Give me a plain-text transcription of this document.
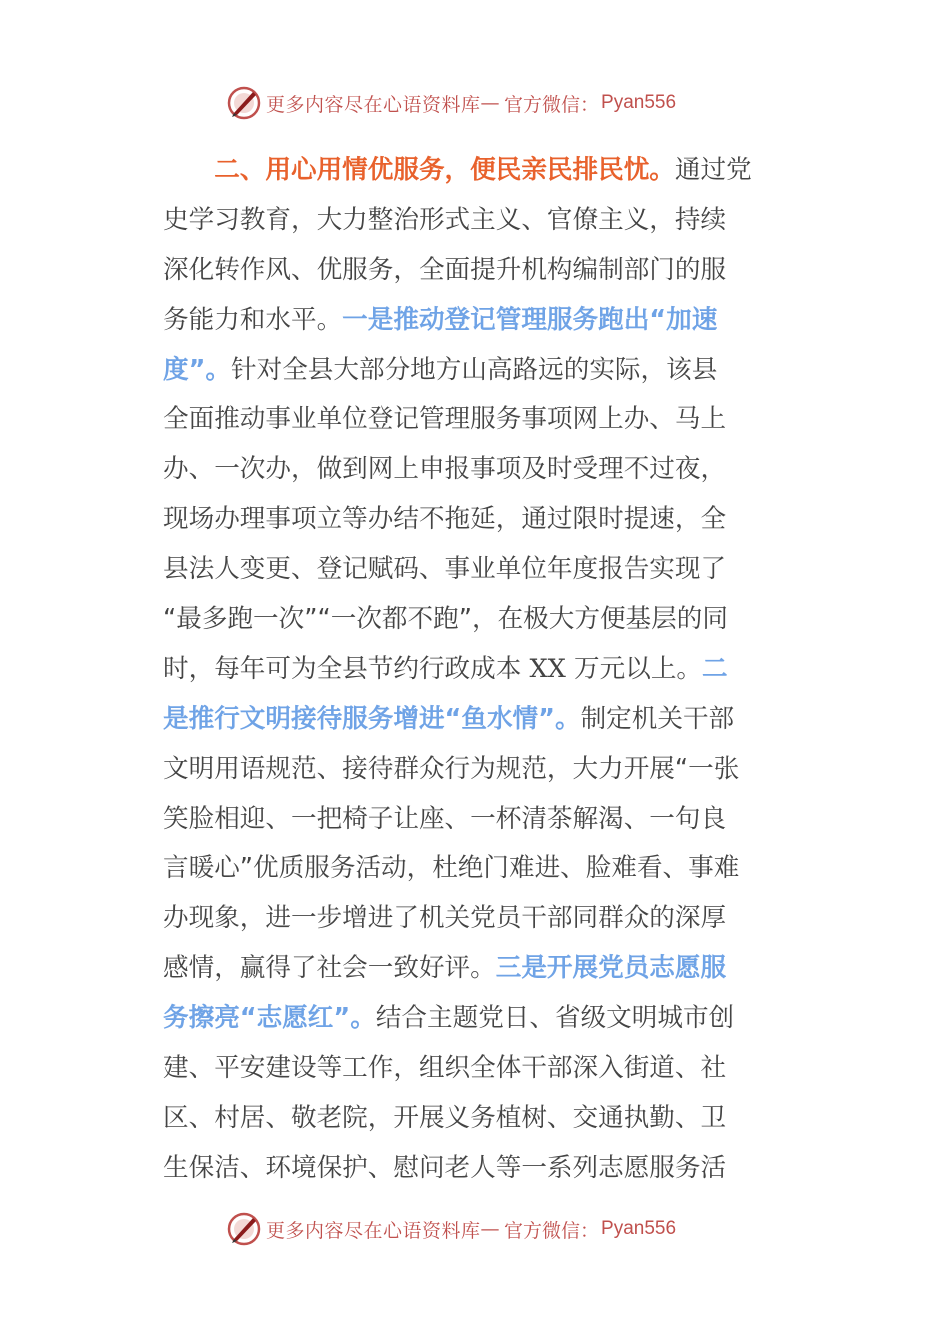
更多内容尽在心语资料库 — 官方微信： Pyan556
　　二、用心用情优服务，便民亲民排民忧。通过党
史学习教育，大力整治形式主义、官僚主义，持续
深化转作风、优服务，全面提升机构编制部门的服
务能力和水平。一是推动登记管理服务跑出“加速
度”。针对全县大部分地方山高路远的实际，该县
全面推动事业单位登记管理服务事项网上办、马上
办、一次办，做到网上申报事项及时受理不过夜，
现场办理事项立等办结不拖延，通过限时提速，全
县法人变更、登记赋码、事业单位年度报告实现了
“最多跑一次”“一次都不跑”，在极大方便基层的同
时，每年可为全县节约行政成本 XX 万元以上。二
是推行文明接待服务增进“鱼水情”。制定机关干部
文明用语规范、接待群众行为规范，大力开展“一张
笑脸相迎、一把椅子让座、一杯清茶解渴、一句良
言暖心”优质服务活动，杜绝门难进、脸难看、事难
办现象，进一步增进了机关党员干部同群众的深厚
感情，赢得了社会一致好评。三是开展党员志愿服
务擦亮“志愿红”。结合主题党日、省级文明城市创
建、平安建设等工作，组织全体干部深入街道、社
区、村居、敬老院，开展义务植树、交通执勤、卫
生保洁、环境保护、慰问老人等一系列志愿服务活
更多内容尽在心语资料库 — 官方微信： Pyan556
